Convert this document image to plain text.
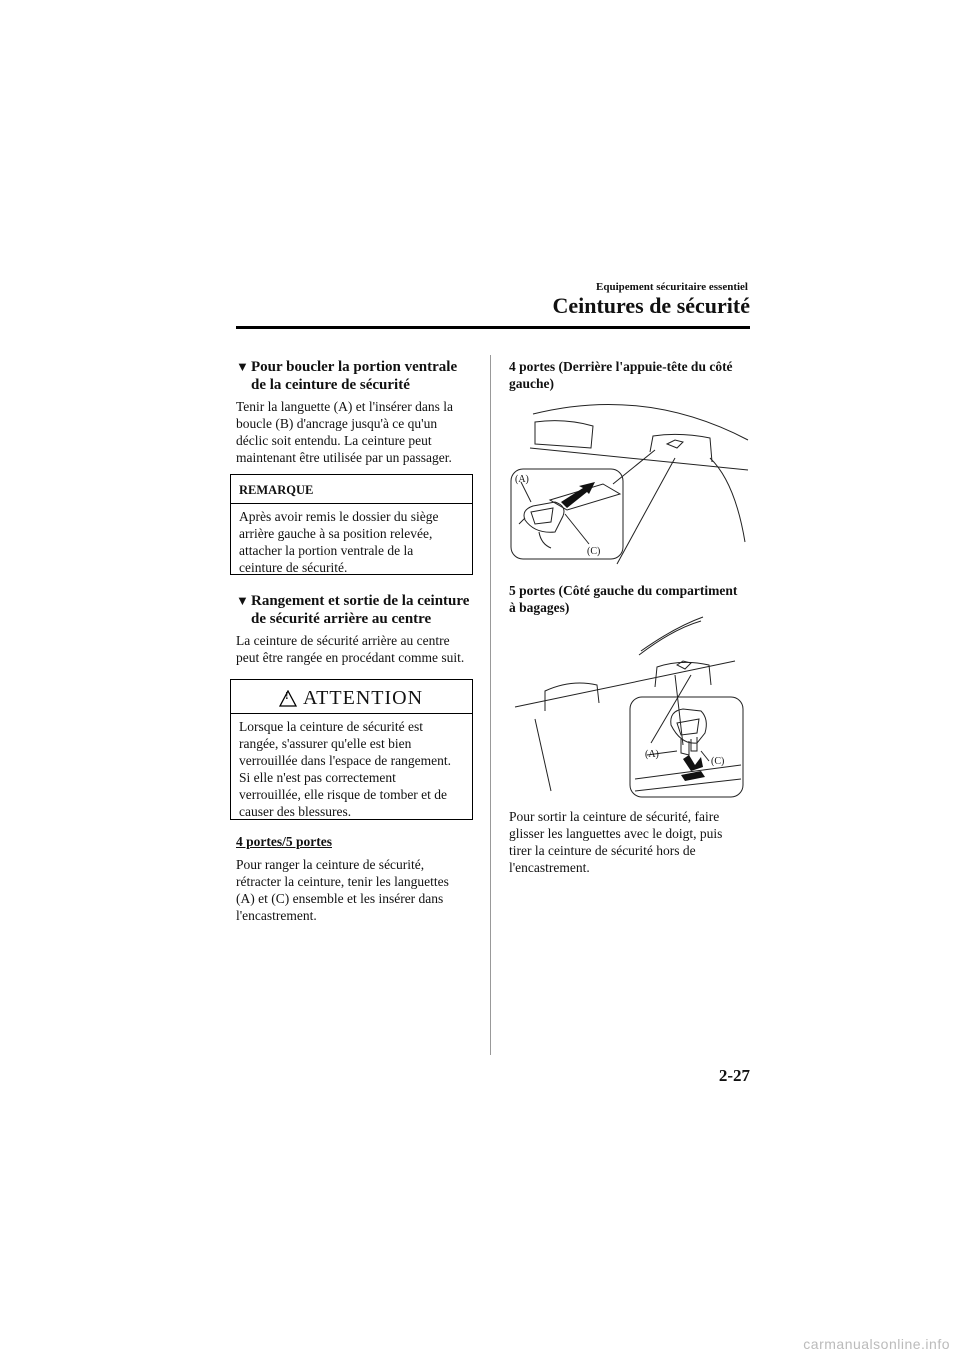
Equipement sécuritaire essentiel
Ceintures de sécurité
▼ Pour boucler la portion ventrale
de la ceinture de sécurité
Tenir la languette (A) et l'insérer dans la
boucle (B) d'ancrage jusqu'à ce qu'un
déclic soit entendu. La ceinture peut
maintenant être utilisée par un passager.
REMARQUE
Après avoir remis le dossier du siège
arrière gauche à sa position relevée,
attacher la portion ventrale de la
ceinture de sécurité.
▼ Rangement et sortie de la ceinture
de sécurité arrière au centre
La ceinture de sécurité arrière au centre
peut être rangée en procédant comme suit.
! ATTENTION
Lorsque la ceinture de sécurité est
rangée, s'assurer qu'elle est bien
verrouillée dans l'espace de rangement.
Si elle n'est pas correctement
verrouillée, elle risque de tomber et de
causer des blessures.
4 portes/5 portes
Pour ranger la ceinture de sécurité,
rétracter la ceinture, tenir les languettes
(A) et (C) ensemble et les insérer dans
l'encastrement.
4 portes (Derrière l'appuie-tête du côté
gauche)
(A)
(C)
5 portes (Côté gauche du compartiment
à bagages)
(A)
(C)
Pour sortir la ceinture de sécurité, faire
glisser les languettes avec le doigt, puis
tirer la ceinture de sécurité hors de
l'encastrement.
2-27
carmanualsonline.info
